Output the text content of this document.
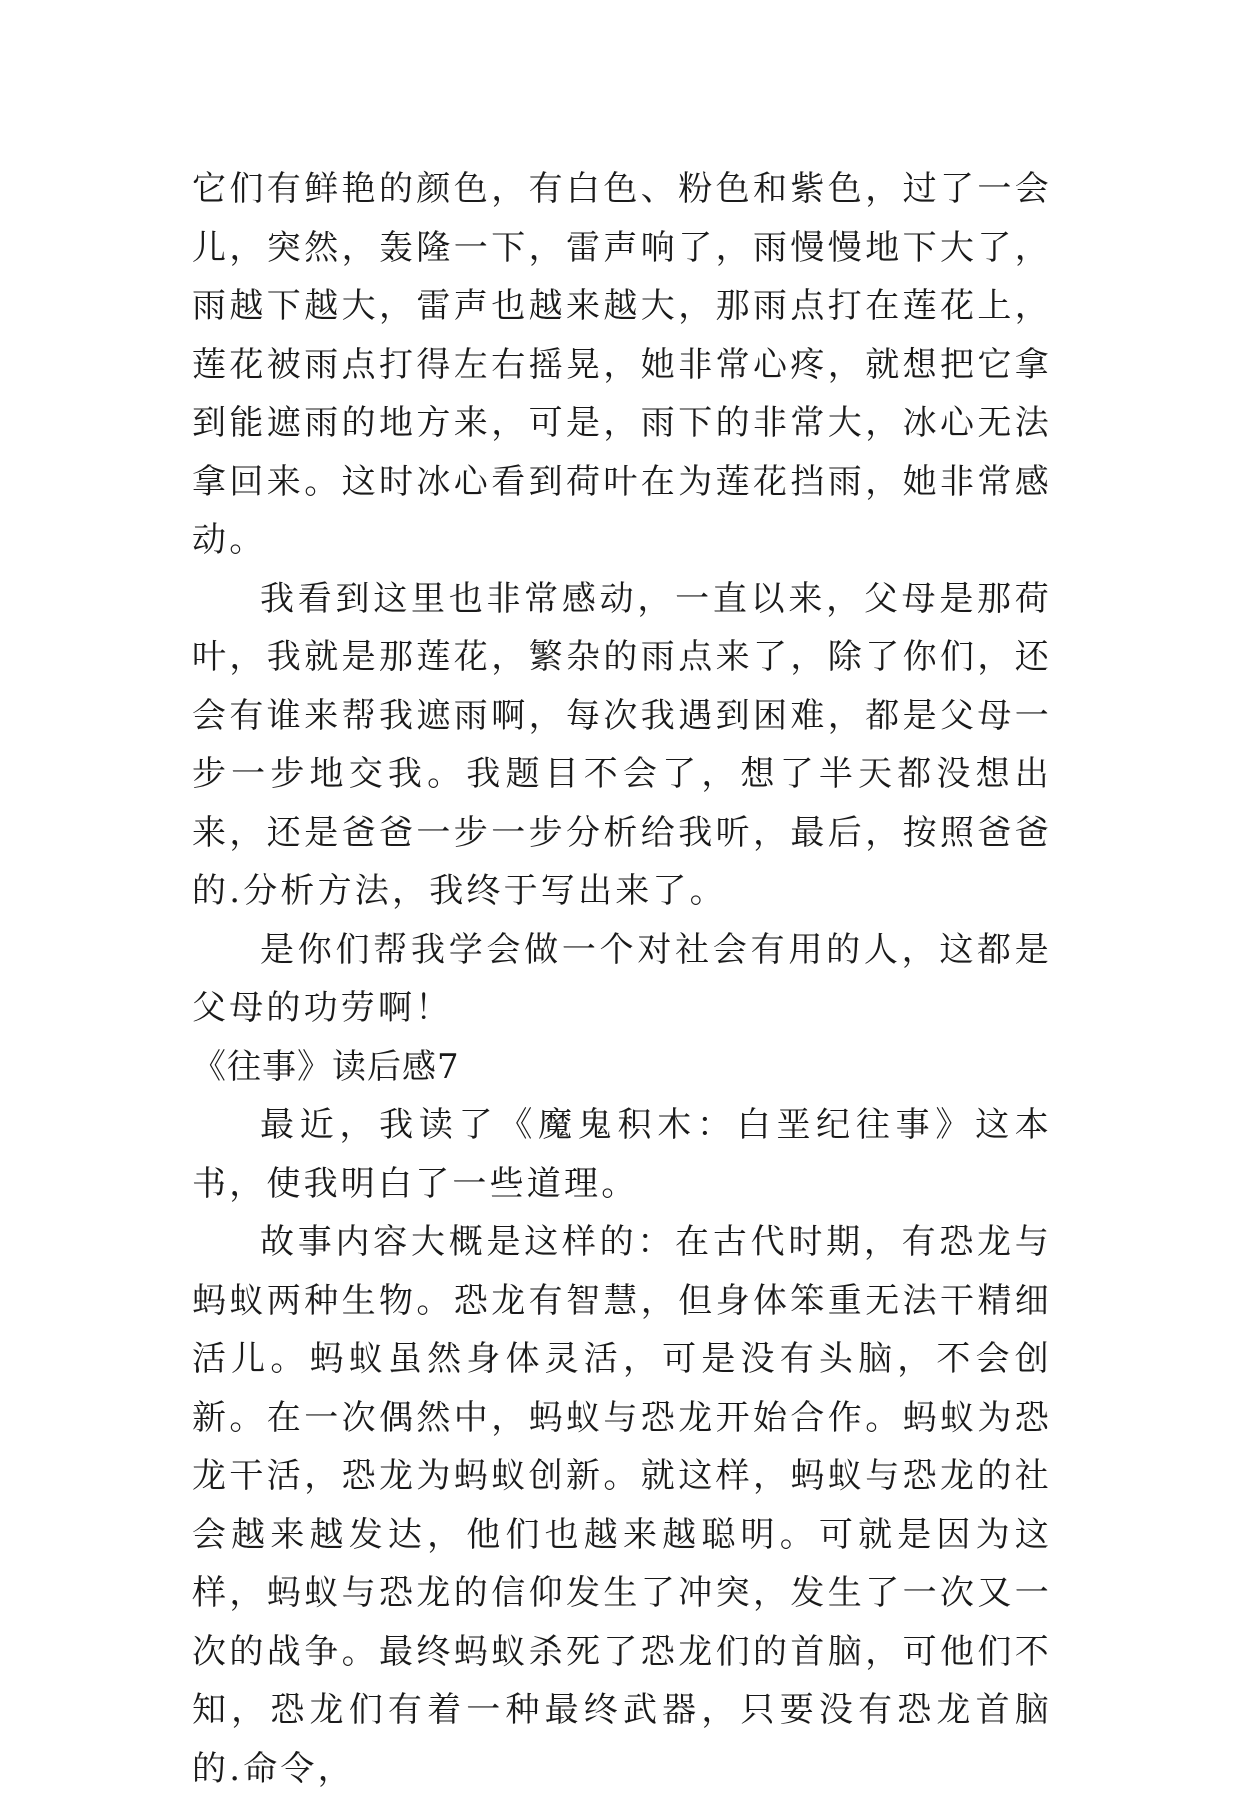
它们有鲜艳的颜色，有白色、粉色和紫色，过了一会儿，突然，轰隆一下，雷声响了，雨慢慢地下大了，雨越下越大，雷声也越来越大，那雨点打在莲花上，莲花被雨点打得左右摇晃，她非常心疼，就想把它拿到能遮雨的地方来，可是，雨下的非常大，冰心无法拿回来。这时冰心看到荷叶在为莲花挡雨，她非常感动。

我看到这里也非常感动，一直以来，父母是那荷叶，我就是那莲花，繁杂的雨点来了，除了你们，还会有谁来帮我遮雨啊，每次我遇到困难，都是父母一步一步地交我。我题目不会了，想了半天都没想出来，还是爸爸一步一步分析给我听，最后，按照爸爸的.分析方法，我终于写出来了。

是你们帮我学会做一个对社会有用的人，这都是父母的功劳啊！

《往事》读后感7

最近，我读了《魔鬼积木：白垩纪往事》这本书，使我明白了一些道理。

故事内容大概是这样的：在古代时期，有恐龙与蚂蚁两种生物。恐龙有智慧，但身体笨重无法干精细活儿。蚂蚁虽然身体灵活，可是没有头脑，不会创新。在一次偶然中，蚂蚁与恐龙开始合作。蚂蚁为恐龙干活，恐龙为蚂蚁创新。就这样，蚂蚁与恐龙的社会越来越发达，他们也越来越聪明。可就是因为这样，蚂蚁与恐龙的信仰发生了冲突，发生了一次又一次的战争。最终蚂蚁杀死了恐龙们的首脑，可他们不知，恐龙们有着一种最终武器，只要没有恐龙首脑的.命令，
